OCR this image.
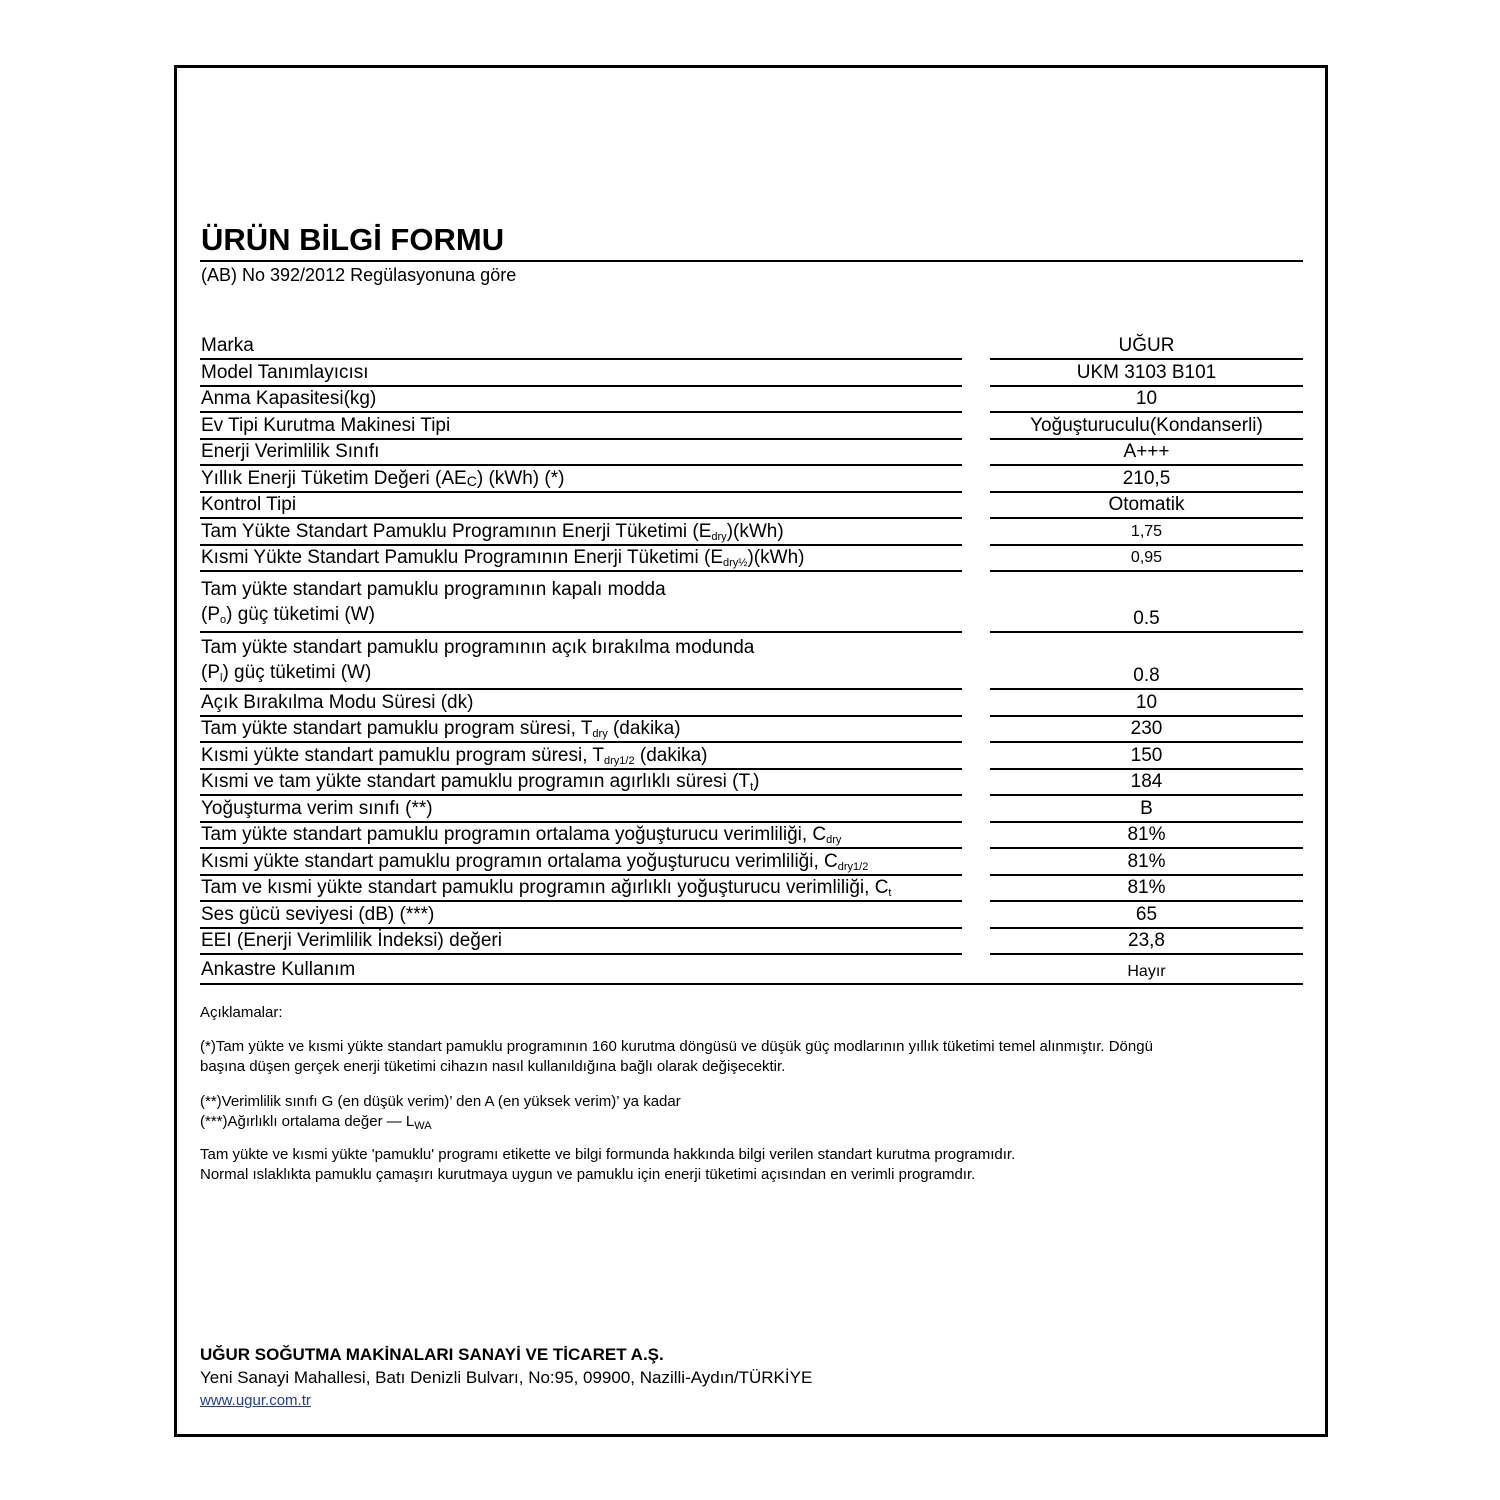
ÜRÜN BİLGİ FORMU
(AB) No 392/2012 Regülasyonuna göre
Marka	UĞUR
Model Tanımlayıcısı	UKM 3103 B101
Anma Kapasitesi(kg)	10
Ev Tipi Kurutma Makinesi Tipi	Yoğuşturuculu(Kondanserli)
Enerji Verimlilik Sınıfı	A+++
Yıllık Enerji Tüketim Değeri $(AE_C)$ (kWh) (*)	210,5
Kontrol Tipi	Otomatik
Tam Yükte Standart Pamuklu Programının Enerji Tüketimi $(E_{dry})(kWh)$	1,75
Kısmi Yükte Standart Pamuklu Programının Enerji Tüketimi $(E_{dry\frac{1}{2}})(kWh)$	0,95
Tam yükte standart pamuklu programının kapalı modda
$(P_o)$ güç tüketimi (W)	0.5
Tam yükte standart pamuklu programının açık bırakılma modunda
$(P_l)$ güç tüketimi (W)	0.8
Açık Bırakılma Modu Süresi (dk)	10
Tam yükte standart pamuklu program süresi, $T_{dry}$ (dakika)	230
Kısmi yükte standart pamuklu program süresi, $T_{dry1/2}$ (dakika)	150
Kısmi ve tam yükte standart pamuklu programın agırlıklı süresi $(T_t)$	184
Yoğuşturma verim sınıfı (**)	B
Tam yükte standart pamuklu programın ortalama yoğuşturucu verimliliği, $C_{dry}$	81%
Kısmi yükte standart pamuklu programın ortalama yoğuşturucu verimliliği, $C_{dry1/2}$	81%
Tam ve kısmi yükte standart pamuklu programın ağırlıklı yoğuşturucu verimliliği, $C_t$	81%
Ses gücü seviyesi (dB) (***)	65
EEI (Enerji Verimlilik İndeksi) değeri	23,8
Ankastre Kullanım	Hayır

Açıklamalar:

(*)Tam yükte ve kısmi yükte standart pamuklu programının 160 kurutma döngüsü ve düşük güç modlarının yıllık tüketimi temel alınmıştır. Döngü
başına düşen gerçek enerji tüketimi cihazın nasıl kullanıldığına bağlı olarak değişecektir.

(**)Verimlilik sınıfı G (en düşük verim)’ den A (en yüksek verim)’ ya kadar

(***)Ağırlıklı ortalama değer — $L_{WA}$

Tam yükte ve kısmi yükte 'pamuklu' programı etikette ve bilgi formunda hakkında bilgi verilen standart kurutma programıdır.
Normal ıslaklıkta pamuklu çamaşırı kurutmaya uygun ve pamuklu için enerji tüketimi açısından en verimli programdır.

UĞUR SOĞUTMA MAKİNALARI SANAYİ VE TİCARET A.Ş.
Yeni Sanayi Mahallesi, Batı Denizli Bulvarı, No:95, 09900, Nazilli-Aydın/TÜRKİYE
www.ugur.com.tr
